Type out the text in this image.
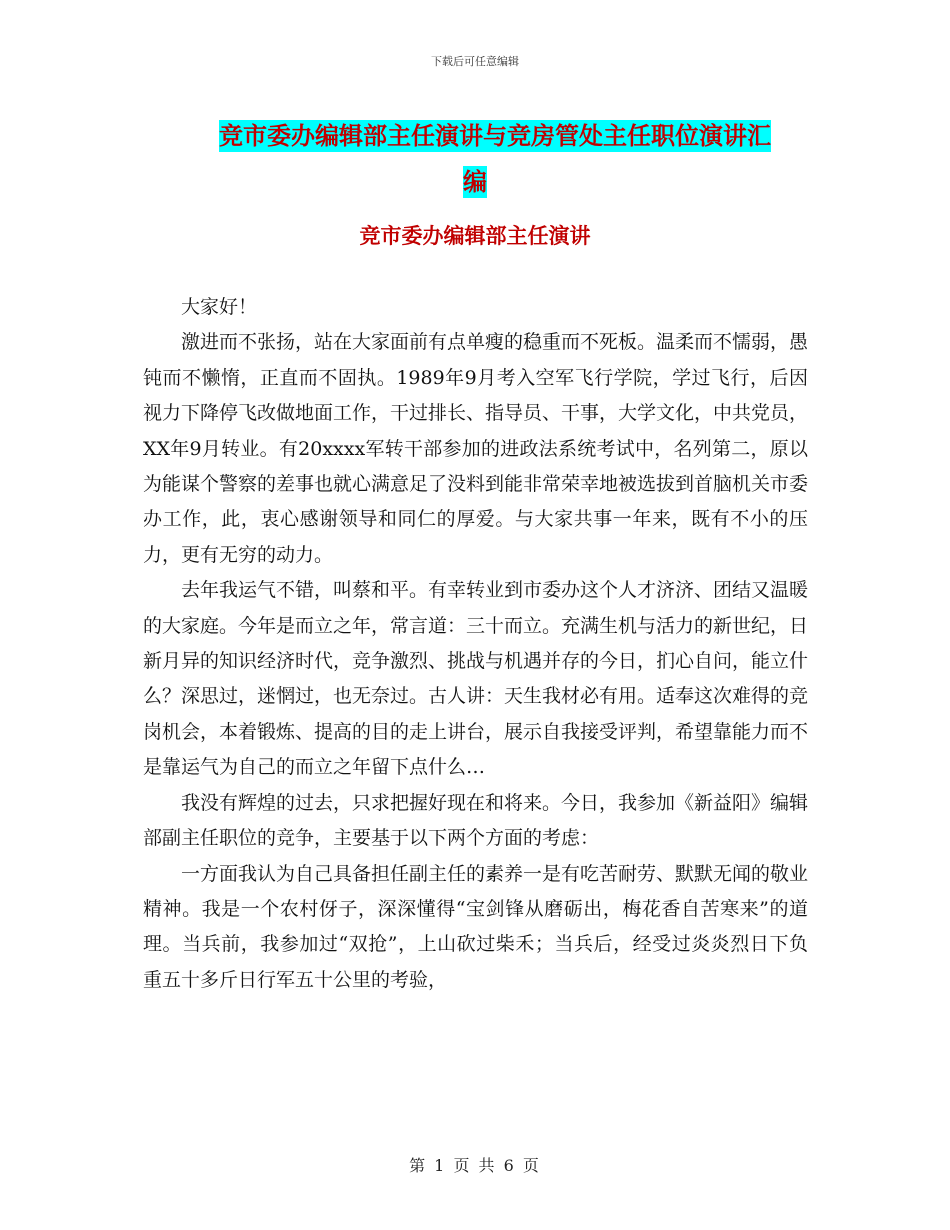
下载后可任意编辑
竞市委办编辑部主任演讲与竞房管处主任职位演讲汇
编
竞市委办编辑部主任演讲

大家好！

激进而不张扬，站在大家面前有点单瘦的稳重而不死板。温柔而不懦弱，愚钝而不懒惰，正直而不固执。1989年9月考入空军飞行学院，学过飞行，后因视力下降停飞改做地面工作，干过排长、指导员、干事，大学文化，中共党员，XX年9月转业。有20xxxx军转干部参加的进政法系统考试中，名列第二，原以为能谋个警察的差事也就心满意足了没料到能非常荣幸地被选拔到首脑机关市委办工作，此，衷心感谢领导和同仁的厚爱。与大家共事一年来，既有不小的压力，更有无穷的动力。

去年我运气不错，叫蔡和平。有幸转业到市委办这个人才济济、团结又温暖的大家庭。今年是而立之年，常言道：三十而立。充满生机与活力的新世纪，日新月异的知识经济时代，竞争激烈、挑战与机遇并存的今日，扪心自问，能立什么？深思过，迷惘过，也无奈过。古人讲：天生我材必有用。适奉这次难得的竞岗机会，本着锻炼、提高的目的走上讲台，展示自我接受评判，希望靠能力而不是靠运气为自己的而立之年留下点什么…

我没有辉煌的过去，只求把握好现在和将来。今日，我参加《新益阳》编辑部副主任职位的竞争，主要基于以下两个方面的考虑：

一方面我认为自己具备担任副主任的素养一是有吃苦耐劳、默默无闻的敬业精神。我是一个农村伢子，深深懂得“宝剑锋从磨砺出，梅花香自苦寒来”的道理。当兵前，我参加过“双抢”，上山砍过柴禾；当兵后，经受过炎炎烈日下负重五十多斤日行军五十公里的考验，

第 1 页 共 6 页
